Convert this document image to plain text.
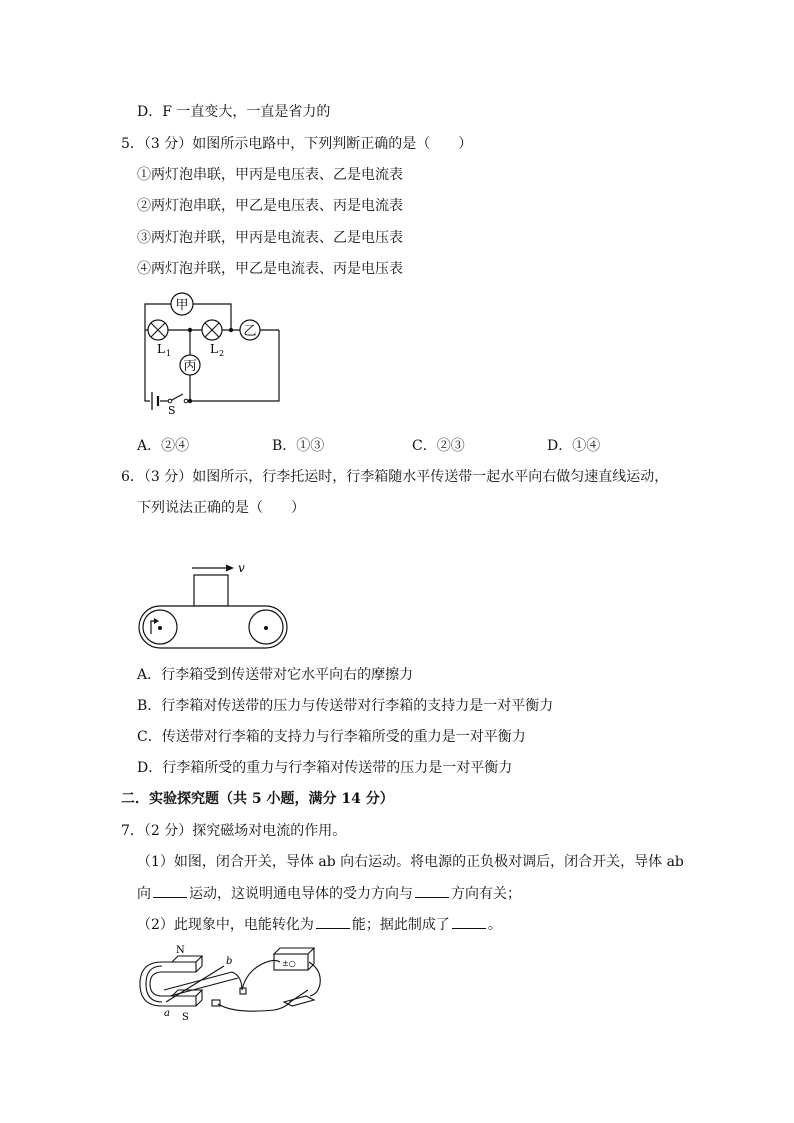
D．F 一直变大，一直是省力的
5．（3 分）如图所示电路中，下列判断正确的是（　　）
①两灯泡串联，甲丙是电压表、乙是电流表
②两灯泡串联，甲乙是电压表、丙是电流表
③两灯泡并联，甲丙是电流表、乙是电压表
④两灯泡并联，甲乙是电流表、丙是电压表
甲
乙
丙
L 1	L 2
S
A．②④	B．①③	C．②③	D．①④
6．（3 分）如图所示，行李托运时，行李箱随水平传送带一起水平向右做匀速直线运动，
下列说法正确的是（　　）
v
A．行李箱受到传送带对它水平向右的摩擦力
B．行李箱对传送带的压力与传送带对行李箱的支持力是一对平衡力
C．传送带对行李箱的支持力与行李箱所受的重力是一对平衡力
D．行李箱所受的重力与行李箱对传送带的压力是一对平衡力
二．实验探究题（共 5 小题，满分 14 分）
7．（2 分）探究磁场对电流的作用。
（1）如图，闭合开关，导体 ab 向右运动。将电源的正负极对调后，闭合开关，导体 ab
向	运动，这说明通电导体的受力方向与	方向有关；
（2）此现象中，电能转化为	能；据此制成了	。
N
S
a
b	±○
